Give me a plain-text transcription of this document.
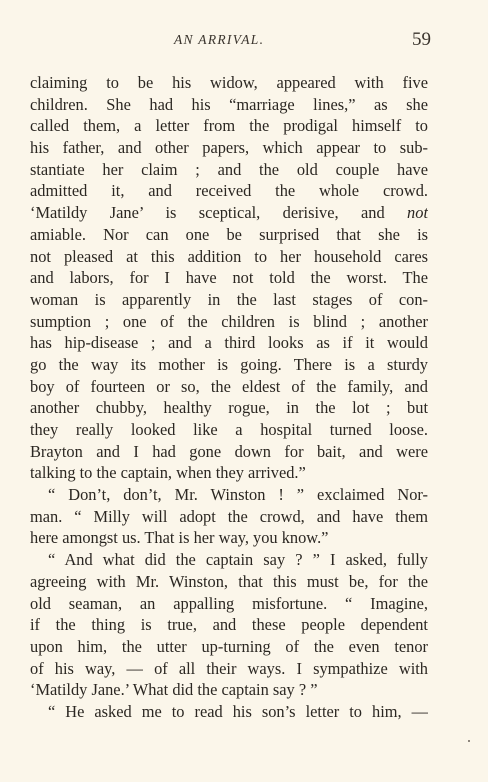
AN ARRIVAL.	59
claiming to be his widow, appeared with five
children. She had his “marriage lines,” as she
called them, a letter from the prodigal himself to
his father, and other papers, which appear to sub-
stantiate her claim ; and the old couple have
admitted it, and received the whole crowd.
‘Matildy Jane’ is sceptical, derisive, and not
amiable. Nor can one be surprised that she is
not pleased at this addition to her household cares
and labors, for I have not told the worst. The
woman is apparently in the last stages of con-
sumption ; one of the children is blind ; another
has hip-disease ; and a third looks as if it would
go the way its mother is going. There is a sturdy
boy of fourteen or so, the eldest of the family, and
another chubby, healthy rogue, in the lot ; but
they really looked like a hospital turned loose.
Brayton and I had gone down for bait, and were
talking to the captain, when they arrived.”
“ Don’t, don’t, Mr. Winston ! ” exclaimed Nor-
man. “ Milly will adopt the crowd, and have them
here amongst us. That is her way, you know.”
“ And what did the captain say ? ” I asked, fully
agreeing with Mr. Winston, that this must be, for the
old seaman, an appalling misfortune. “ Imagine,
if the thing is true, and these people dependent
upon him, the utter up-turning of the even tenor
of his way, — of all their ways. I sympathize with
‘Matildy Jane.’ What did the captain say ? ”
“ He asked me to read his son’s letter to him, —
